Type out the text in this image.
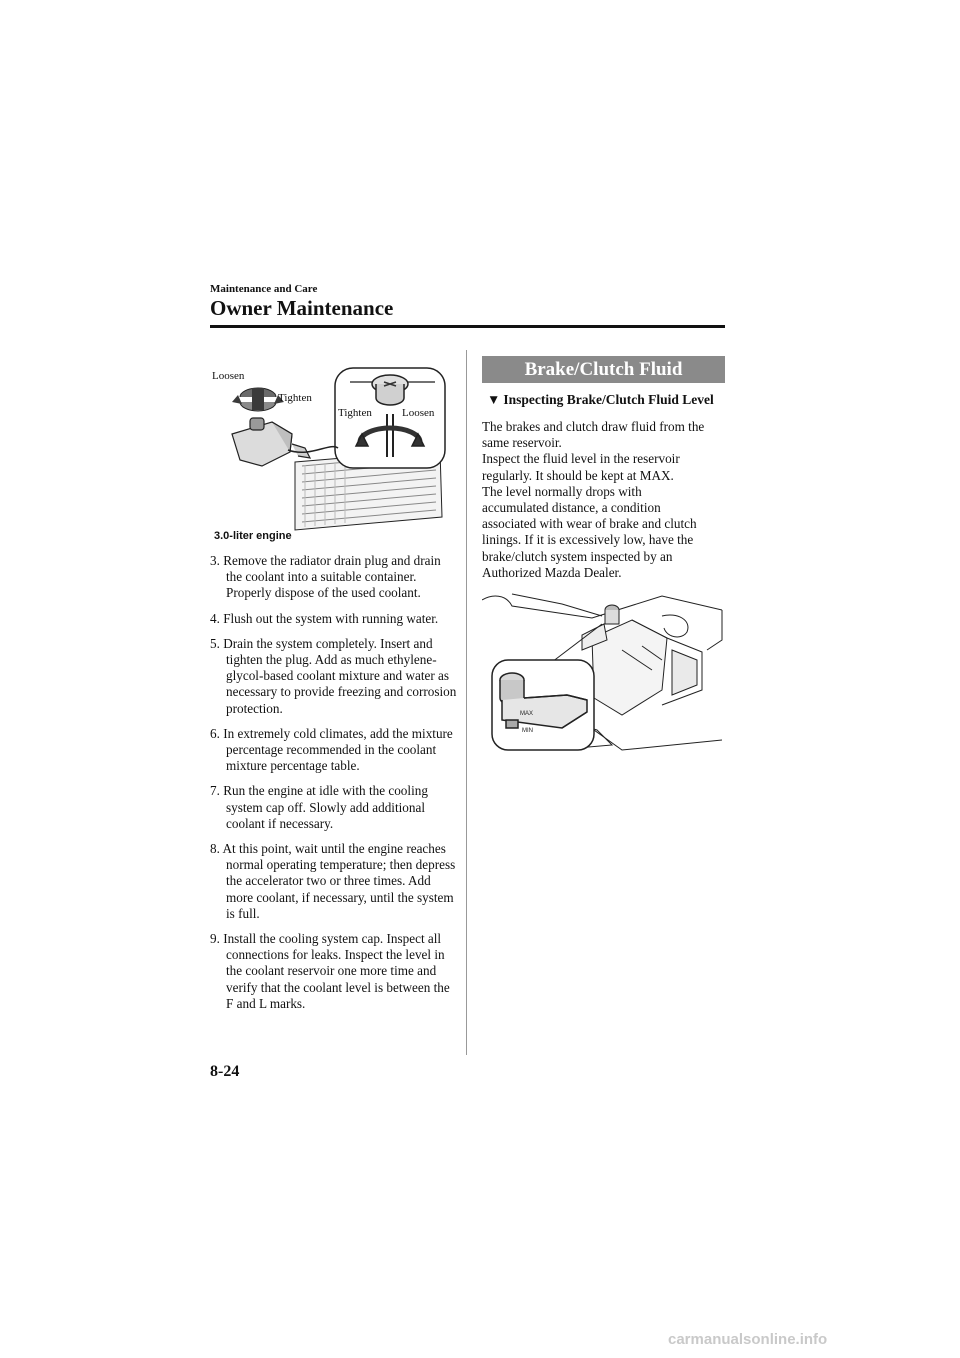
Maintenance and Care
Owner Maintenance
Loosen
Tighten
Tighten	Loosen
3.0-liter engine
3. Remove the radiator drain plug and drain the coolant into a suitable container. Properly dispose of the used coolant.
4. Flush out the system with running water.
5. Drain the system completely. Insert and tighten the plug. Add as much ethylene-glycol-based coolant mixture and water as necessary to provide freezing and corrosion protection.
6. In extremely cold climates, add the mixture percentage recommended in the coolant mixture percentage table.
7. Run the engine at idle with the cooling system cap off. Slowly add additional coolant if necessary.
8. At this point, wait until the engine reaches normal operating temperature; then depress the accelerator two or three times. Add more coolant, if necessary, until the system is full.
9. Install the cooling system cap. Inspect all connections for leaks. Inspect the level in the coolant reservoir one more time and verify that the coolant level is between the F and L marks.
Brake/Clutch Fluid
▼ Inspecting Brake/Clutch Fluid Level

The brakes and clutch draw fluid from the
same reservoir.
Inspect the fluid level in the reservoir
regularly. It should be kept at MAX.
The level normally drops with
accumulated distance, a condition
associated with wear of brake and clutch
linings. If it is excessively low, have the
brake/clutch system inspected by an
Authorized Mazda Dealer.

MAX
MIN
8-24
carmanualsonline.info
